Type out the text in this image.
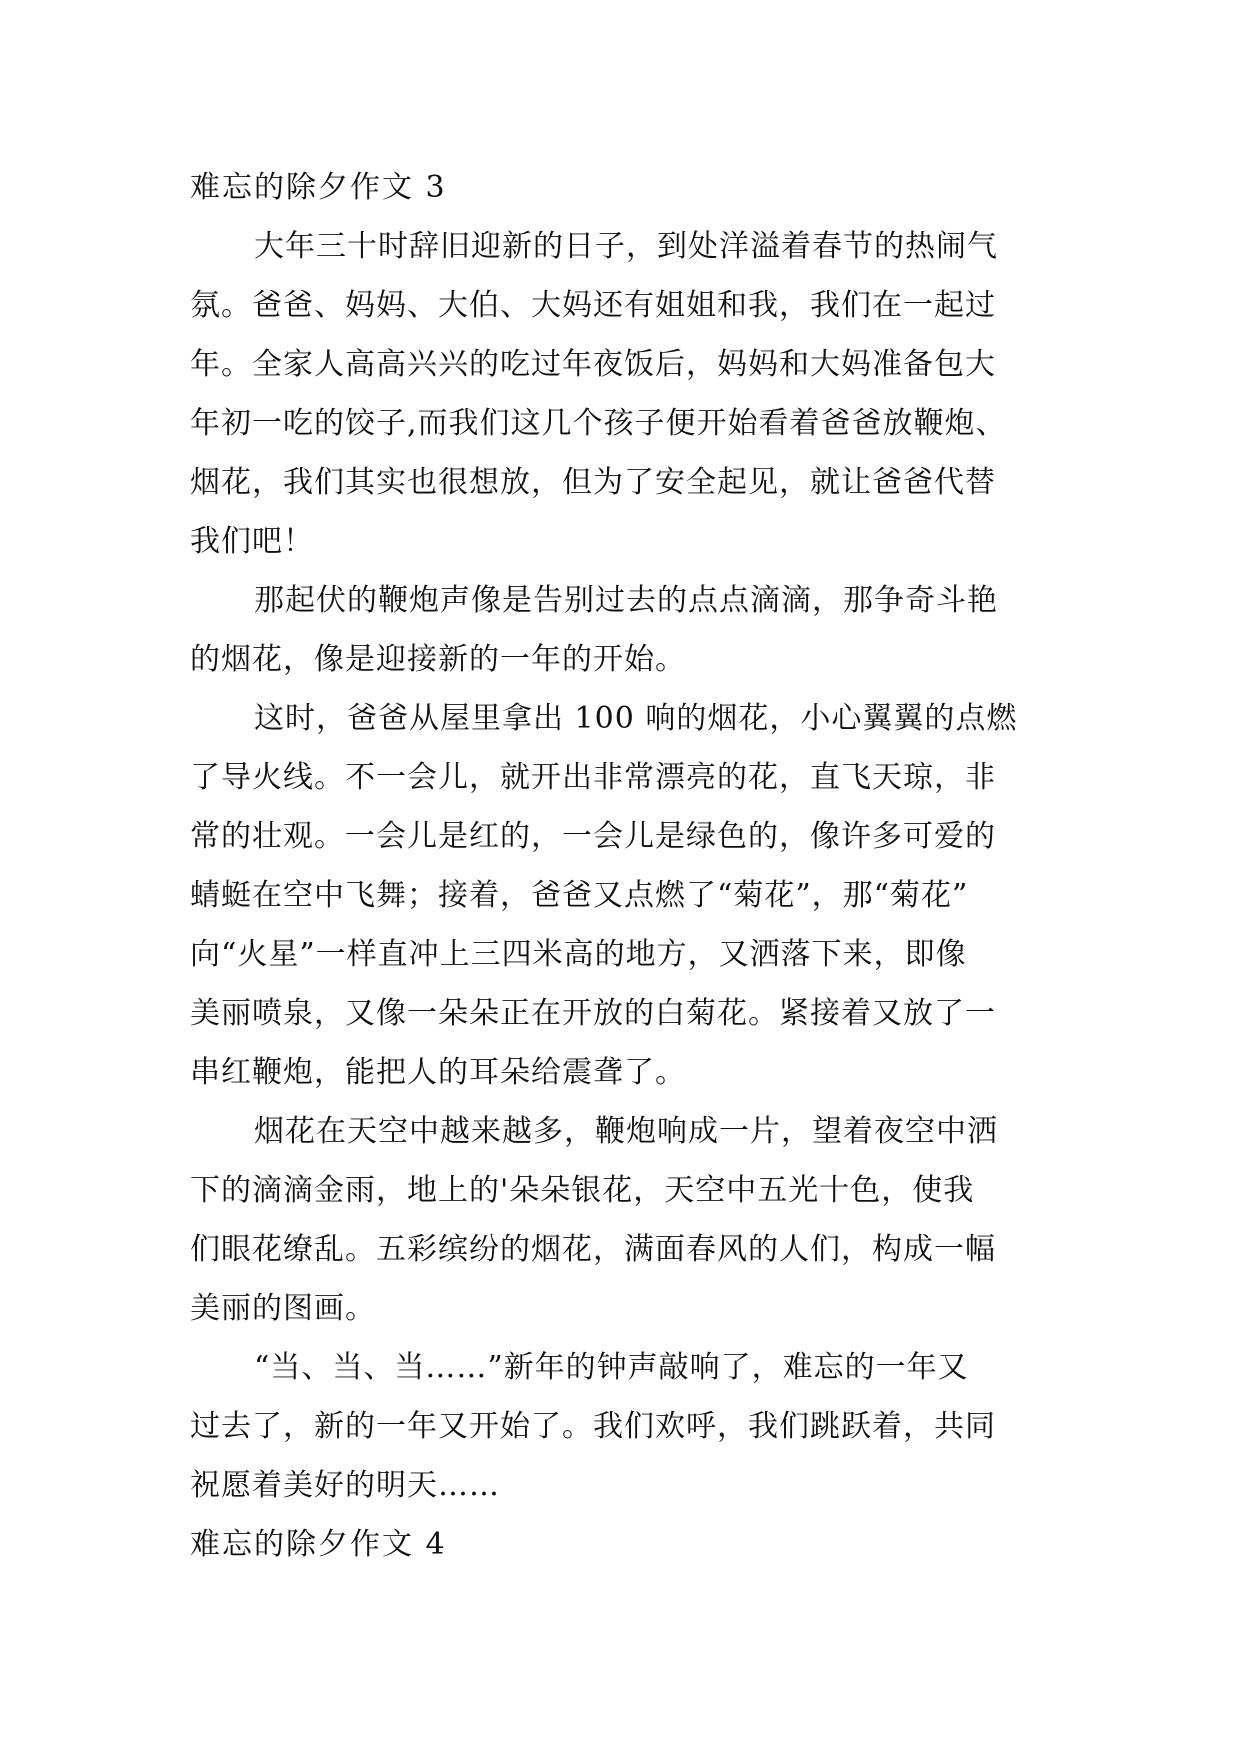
难忘的除夕作文 3
大年三十时辞旧迎新的日子，到处洋溢着春节的热闹气
氛。爸爸、妈妈、大伯、大妈还有姐姐和我，我们在一起过
年。全家人高高兴兴的吃过年夜饭后，妈妈和大妈准备包大
年初一吃的饺子,而我们这几个孩子便开始看着爸爸放鞭炮、
烟花，我们其实也很想放，但为了安全起见，就让爸爸代替
我们吧！
那起伏的鞭炮声像是告别过去的点点滴滴，那争奇斗艳
的烟花，像是迎接新的一年的开始。
这时，爸爸从屋里拿出 100 响的烟花，小心翼翼的点燃
了导火线。不一会儿，就开出非常漂亮的花，直飞天琼，非
常的壮观。一会儿是红的，一会儿是绿色的，像许多可爱的
蜻蜓在空中飞舞；接着，爸爸又点燃了“菊花”，那“菊花”
向“火星”一样直冲上三四米高的地方，又洒落下来，即像
美丽喷泉，又像一朵朵正在开放的白菊花。紧接着又放了一
串红鞭炮，能把人的耳朵给震聋了。
烟花在天空中越来越多，鞭炮响成一片，望着夜空中洒
下的滴滴金雨，地上的'朵朵银花，天空中五光十色，使我
们眼花缭乱。五彩缤纷的烟花，满面春风的人们，构成一幅
美丽的图画。
“当、当、当……”新年的钟声敲响了，难忘的一年又
过去了，新的一年又开始了。我们欢呼，我们跳跃着，共同
祝愿着美好的明天……
难忘的除夕作文 4
